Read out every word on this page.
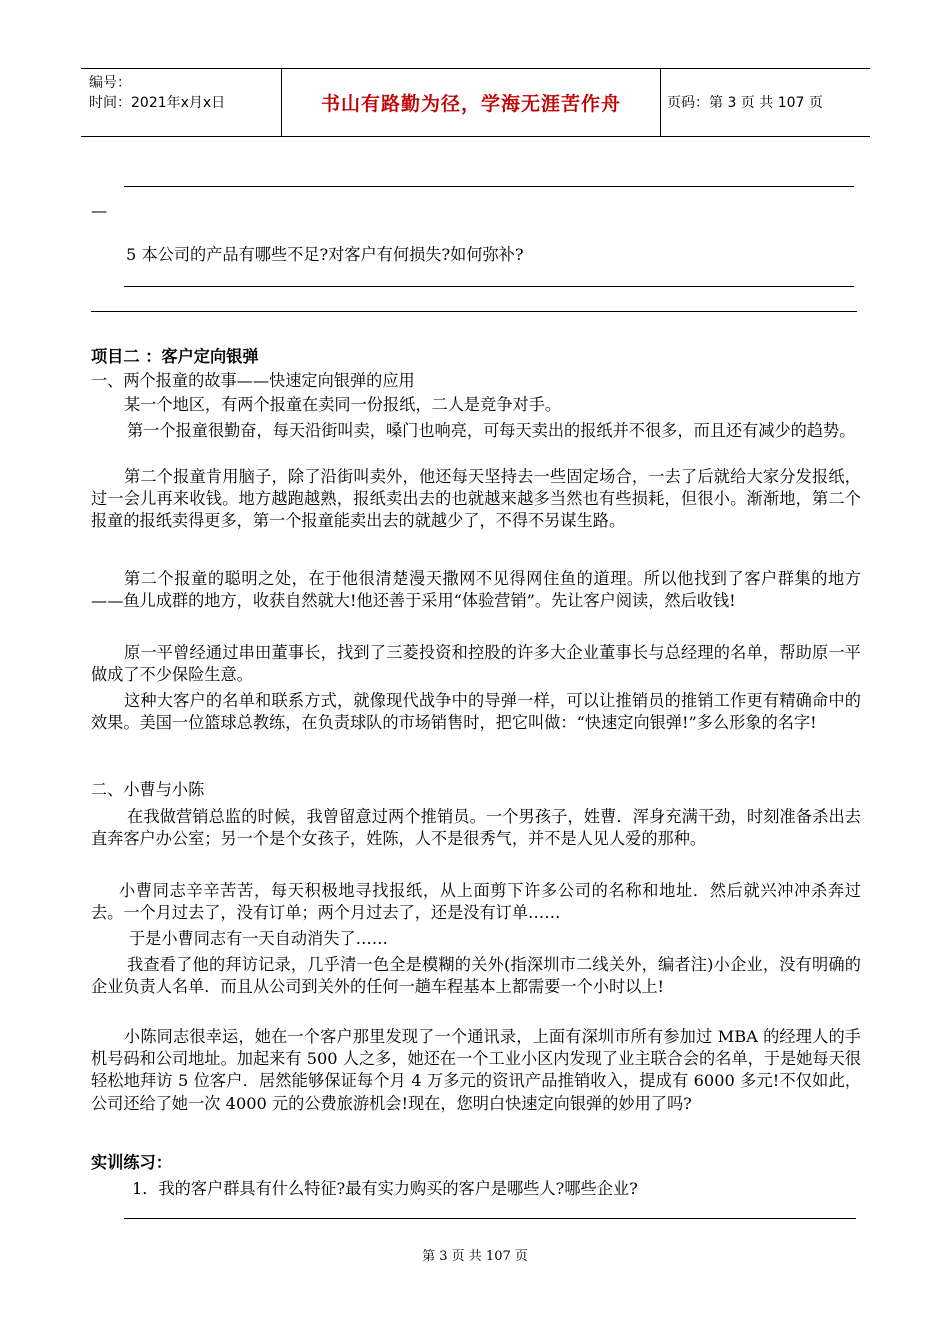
编号：
时间：2021年x月x日	书山有路勤为径，学海无涯苦作舟	页码：第 3 页 共 107 页
—
5 本公司的产品有哪些不足?对客户有何损失?如何弥补?
项目二 ：客户定向银弹
一、两个报童的故事——快速定向银弹的应用
某一个地区，有两个报童在卖同一份报纸，二人是竞争对手。
第一个报童很勤奋，每天沿街叫卖，嗓门也响亮，可每天卖出的报纸并不很多，而且还有减少的趋势。
第二个报童肯用脑子，除了沿街叫卖外，他还每天坚持去一些固定场合，一去了后就给大家分发报纸，过一会儿再来收钱。地方越跑越熟，报纸卖出去的也就越来越多当然也有些损耗，但很小。渐渐地，第二个报童的报纸卖得更多，第一个报童能卖出去的就越少了，不得不另谋生路。
第二个报童的聪明之处，在于他很清楚漫天撒网不见得网住鱼的道理。所以他找到了客户群集的地方——鱼儿成群的地方，收获自然就大!他还善于采用“体验营销”。先让客户阅读，然后收钱!
原一平曾经通过串田董事长，找到了三菱投资和控股的许多大企业董事长与总经理的名单，帮助原一平做成了不少保险生意。
这种大客户的名单和联系方式，就像现代战争中的导弹一样，可以让推销员的推销工作更有精确命中的效果。美国一位篮球总教练，在负责球队的市场销售时，把它叫做：“快速定向银弹!”多么形象的名字!
二、小曹与小陈
在我做营销总监的时候，我曾留意过两个推销员。一个男孩子，姓曹．浑身充满干劲，时刻准备杀出去直奔客户办公室；另一个是个女孩子，姓陈，人不是很秀气，并不是人见人爱的那种。
小曹同志辛辛苦苦，每天积极地寻找报纸，从上面剪下许多公司的名称和地址．然后就兴冲冲杀奔过去。一个月过去了，没有订单；两个月过去了，还是没有订单……
于是小曹同志有一天自动消失了……
我查看了他的拜访记录，几乎清一色全是模糊的关外(指深圳市二线关外，编者注)小企业，没有明确的企业负责人名单．而且从公司到关外的任何一趟车程基本上都需要一个小时以上!
小陈同志很幸运，她在一个客户那里发现了一个通讯录，上面有深圳市所有参加过 MBA 的经理人的手机号码和公司地址。加起来有 500 人之多，她还在一个工业小区内发现了业主联合会的名单，于是她每天很轻松地拜访 5 位客户．居然能够保证每个月 4 万多元的资讯产品推销收入，提成有 6000 多元!不仅如此，公司还给了她一次 4000 元的公费旅游机会!现在，您明白快速定向银弹的妙用了吗?
实训练习：
1．我的客户群具有什么特征?最有实力购买的客户是哪些人?哪些企业?
第 3 页 共 107 页
